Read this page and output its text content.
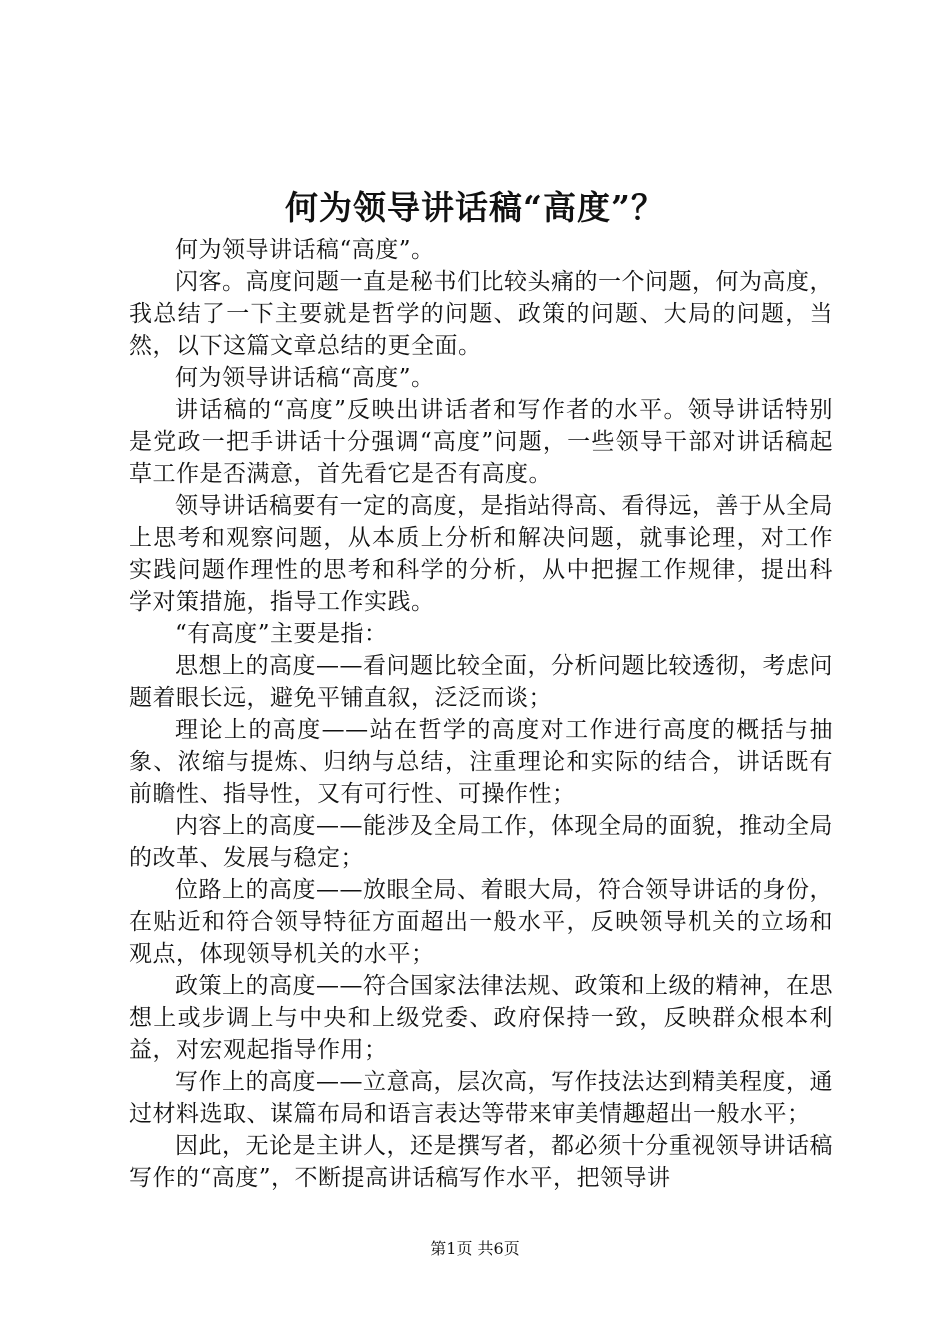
何为领导讲话稿“高度”？

何为领导讲话稿“高度”。

闪客。高度问题一直是秘书们比较头痛的一个问题，何为高度，我总结了一下主要就是哲学的问题、政策的问题、大局的问题，当然，以下这篇文章总结的更全面。

何为领导讲话稿“高度”。

讲话稿的“高度”反映出讲话者和写作者的水平。领导讲话特别是党政一把手讲话十分强调“高度”问题，一些领导干部对讲话稿起草工作是否满意，首先看它是否有高度。

领导讲话稿要有一定的高度，是指站得高、看得远，善于从全局上思考和观察问题，从本质上分析和解决问题，就事论理，对工作实践问题作理性的思考和科学的分析，从中把握工作规律，提出科学对策措施，指导工作实践。

“有高度”主要是指：

思想上的高度——看问题比较全面，分析问题比较透彻，考虑问题着眼长远，避免平铺直叙，泛泛而谈；

理论上的高度——站在哲学的高度对工作进行高度的概括与抽象、浓缩与提炼、归纳与总结，注重理论和实际的结合，讲话既有前瞻性、指导性，又有可行性、可操作性；

内容上的高度——能涉及全局工作，体现全局的面貌，推动全局的改革、发展与稳定；

位路上的高度——放眼全局、着眼大局，符合领导讲话的身份，在贴近和符合领导特征方面超出一般水平，反映领导机关的立场和观点，体现领导机关的水平；

政策上的高度——符合国家法律法规、政策和上级的精神，在思想上或步调上与中央和上级党委、政府保持一致，反映群众根本利益，对宏观起指导作用；

写作上的高度——立意高，层次高，写作技法达到精美程度，通过材料选取、谋篇布局和语言表达等带来审美情趣超出一般水平；

因此，无论是主讲人，还是撰写者，都必须十分重视领导讲话稿写作的“高度”，不断提高讲话稿写作水平，把领导讲

第1页 共6页
